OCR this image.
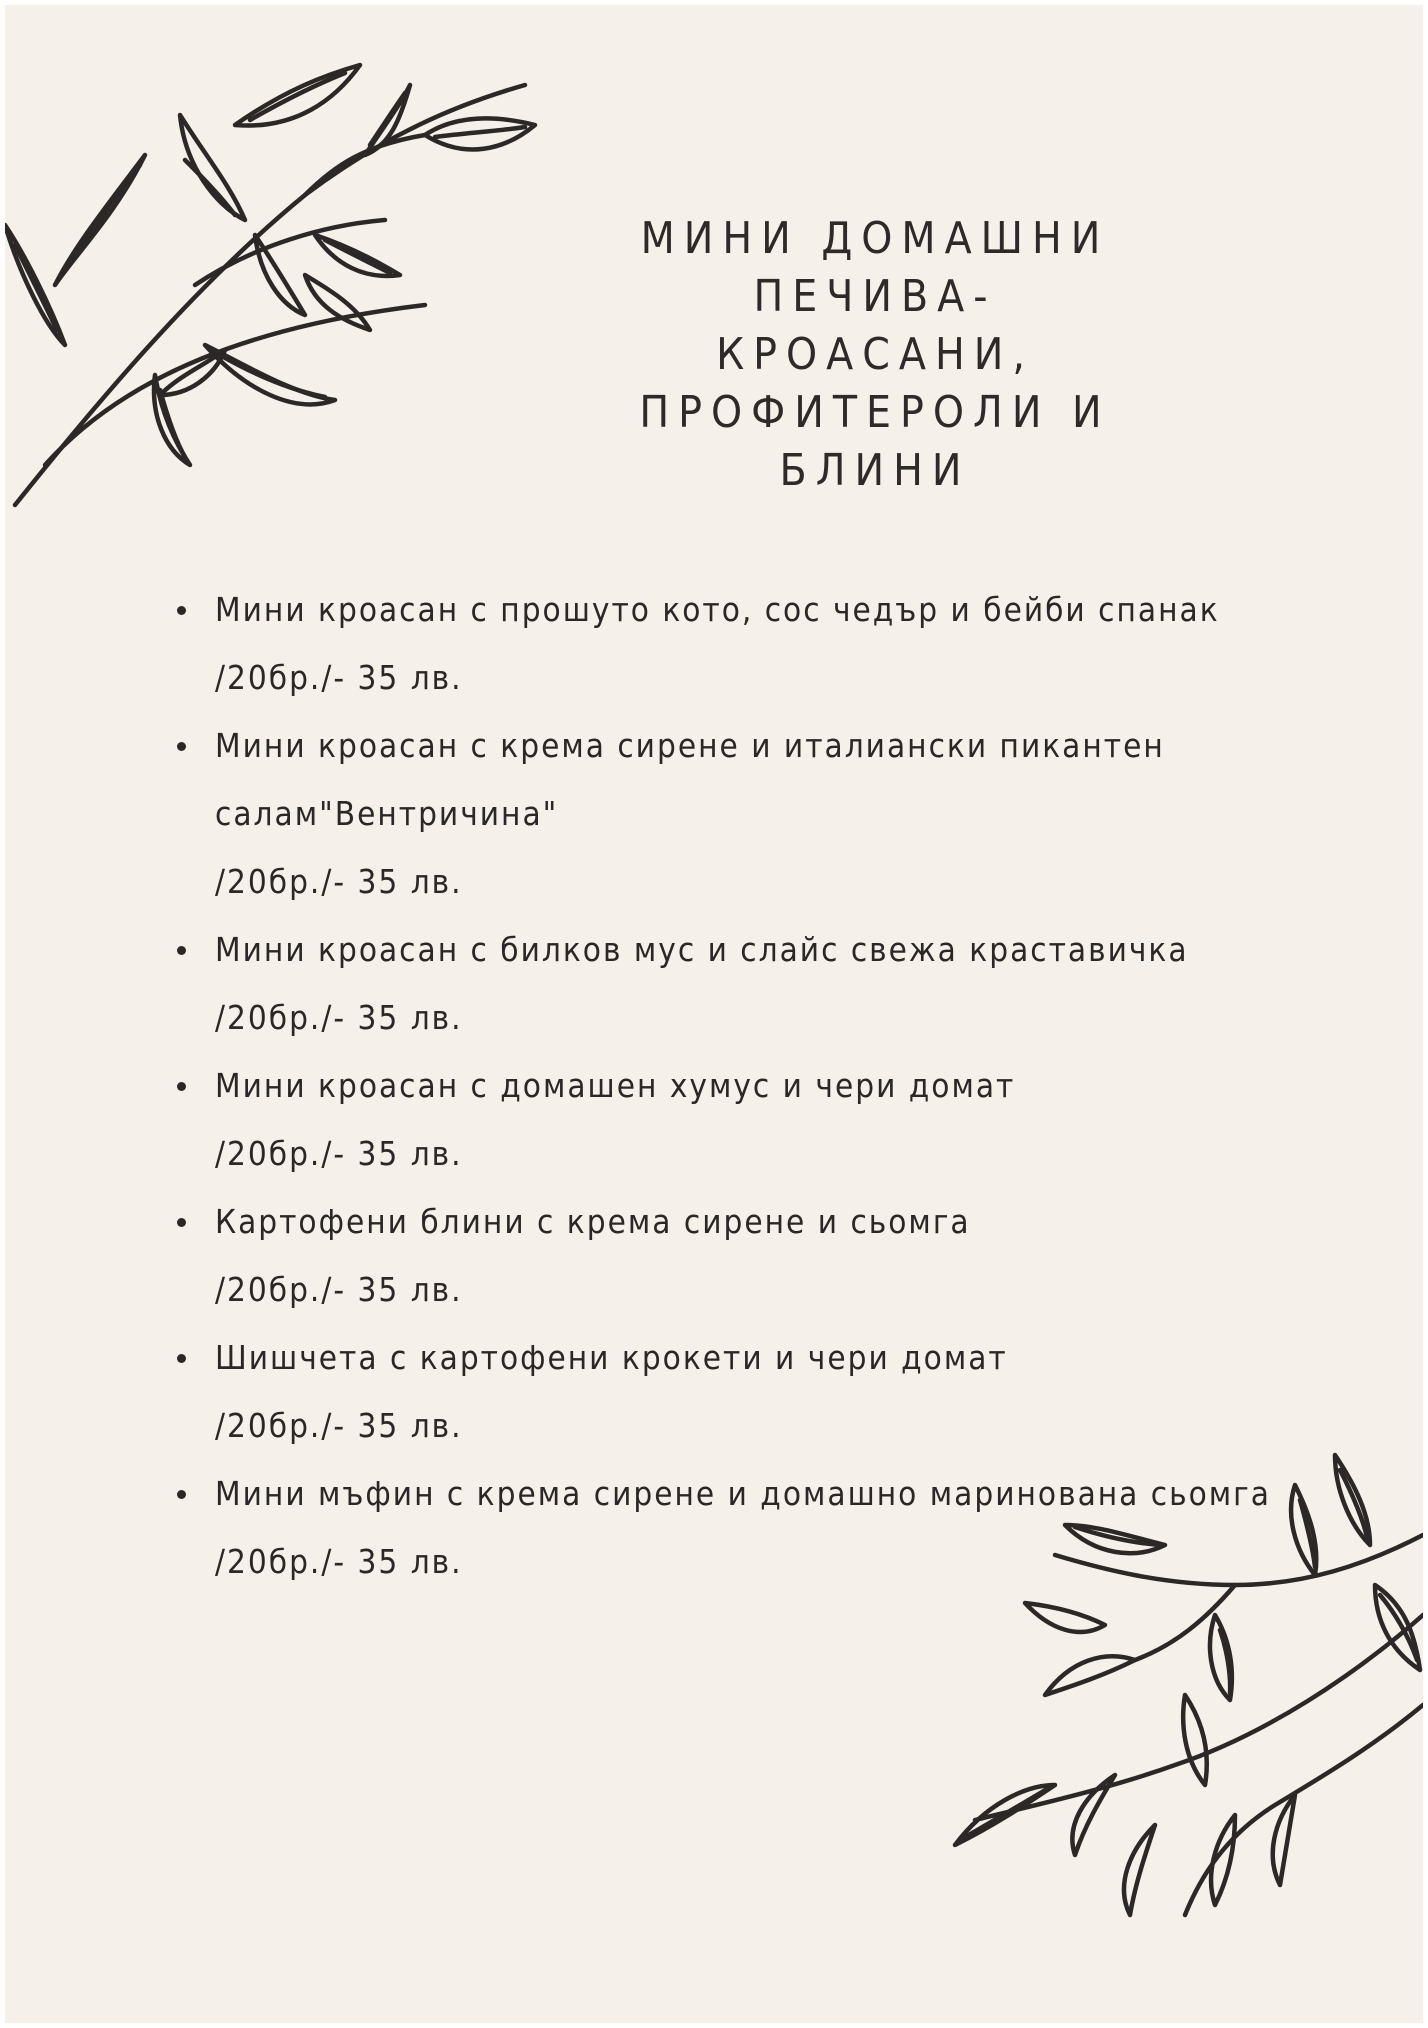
МИНИ ДОМАШНИ ПЕЧИВА-
КРОАСАНИ, ПРОФИТЕРОЛИ И
БЛИНИ
Мини кроасан с прошуто кото, сос чедър и бейби спанак
/20бр./- 35 лв.
Мини кроасан с крема сирене и италиански пикантен
салам"Вентричина"
/20бр./- 35 лв.
Мини кроасан с билков мус и слайс свежа краставичка
/20бр./- 35 лв.
Мини кроасан с домашен хумус и чери домат
/20бр./- 35 лв.
Картофени блини с крема сирене и сьомга
/20бр./- 35 лв.
Шишчета с картофени крокети и чери домат
/20бр./- 35 лв.
Мини мъфин с крема сирене и домашно маринована сьомга
/20бр./- 35 лв.
